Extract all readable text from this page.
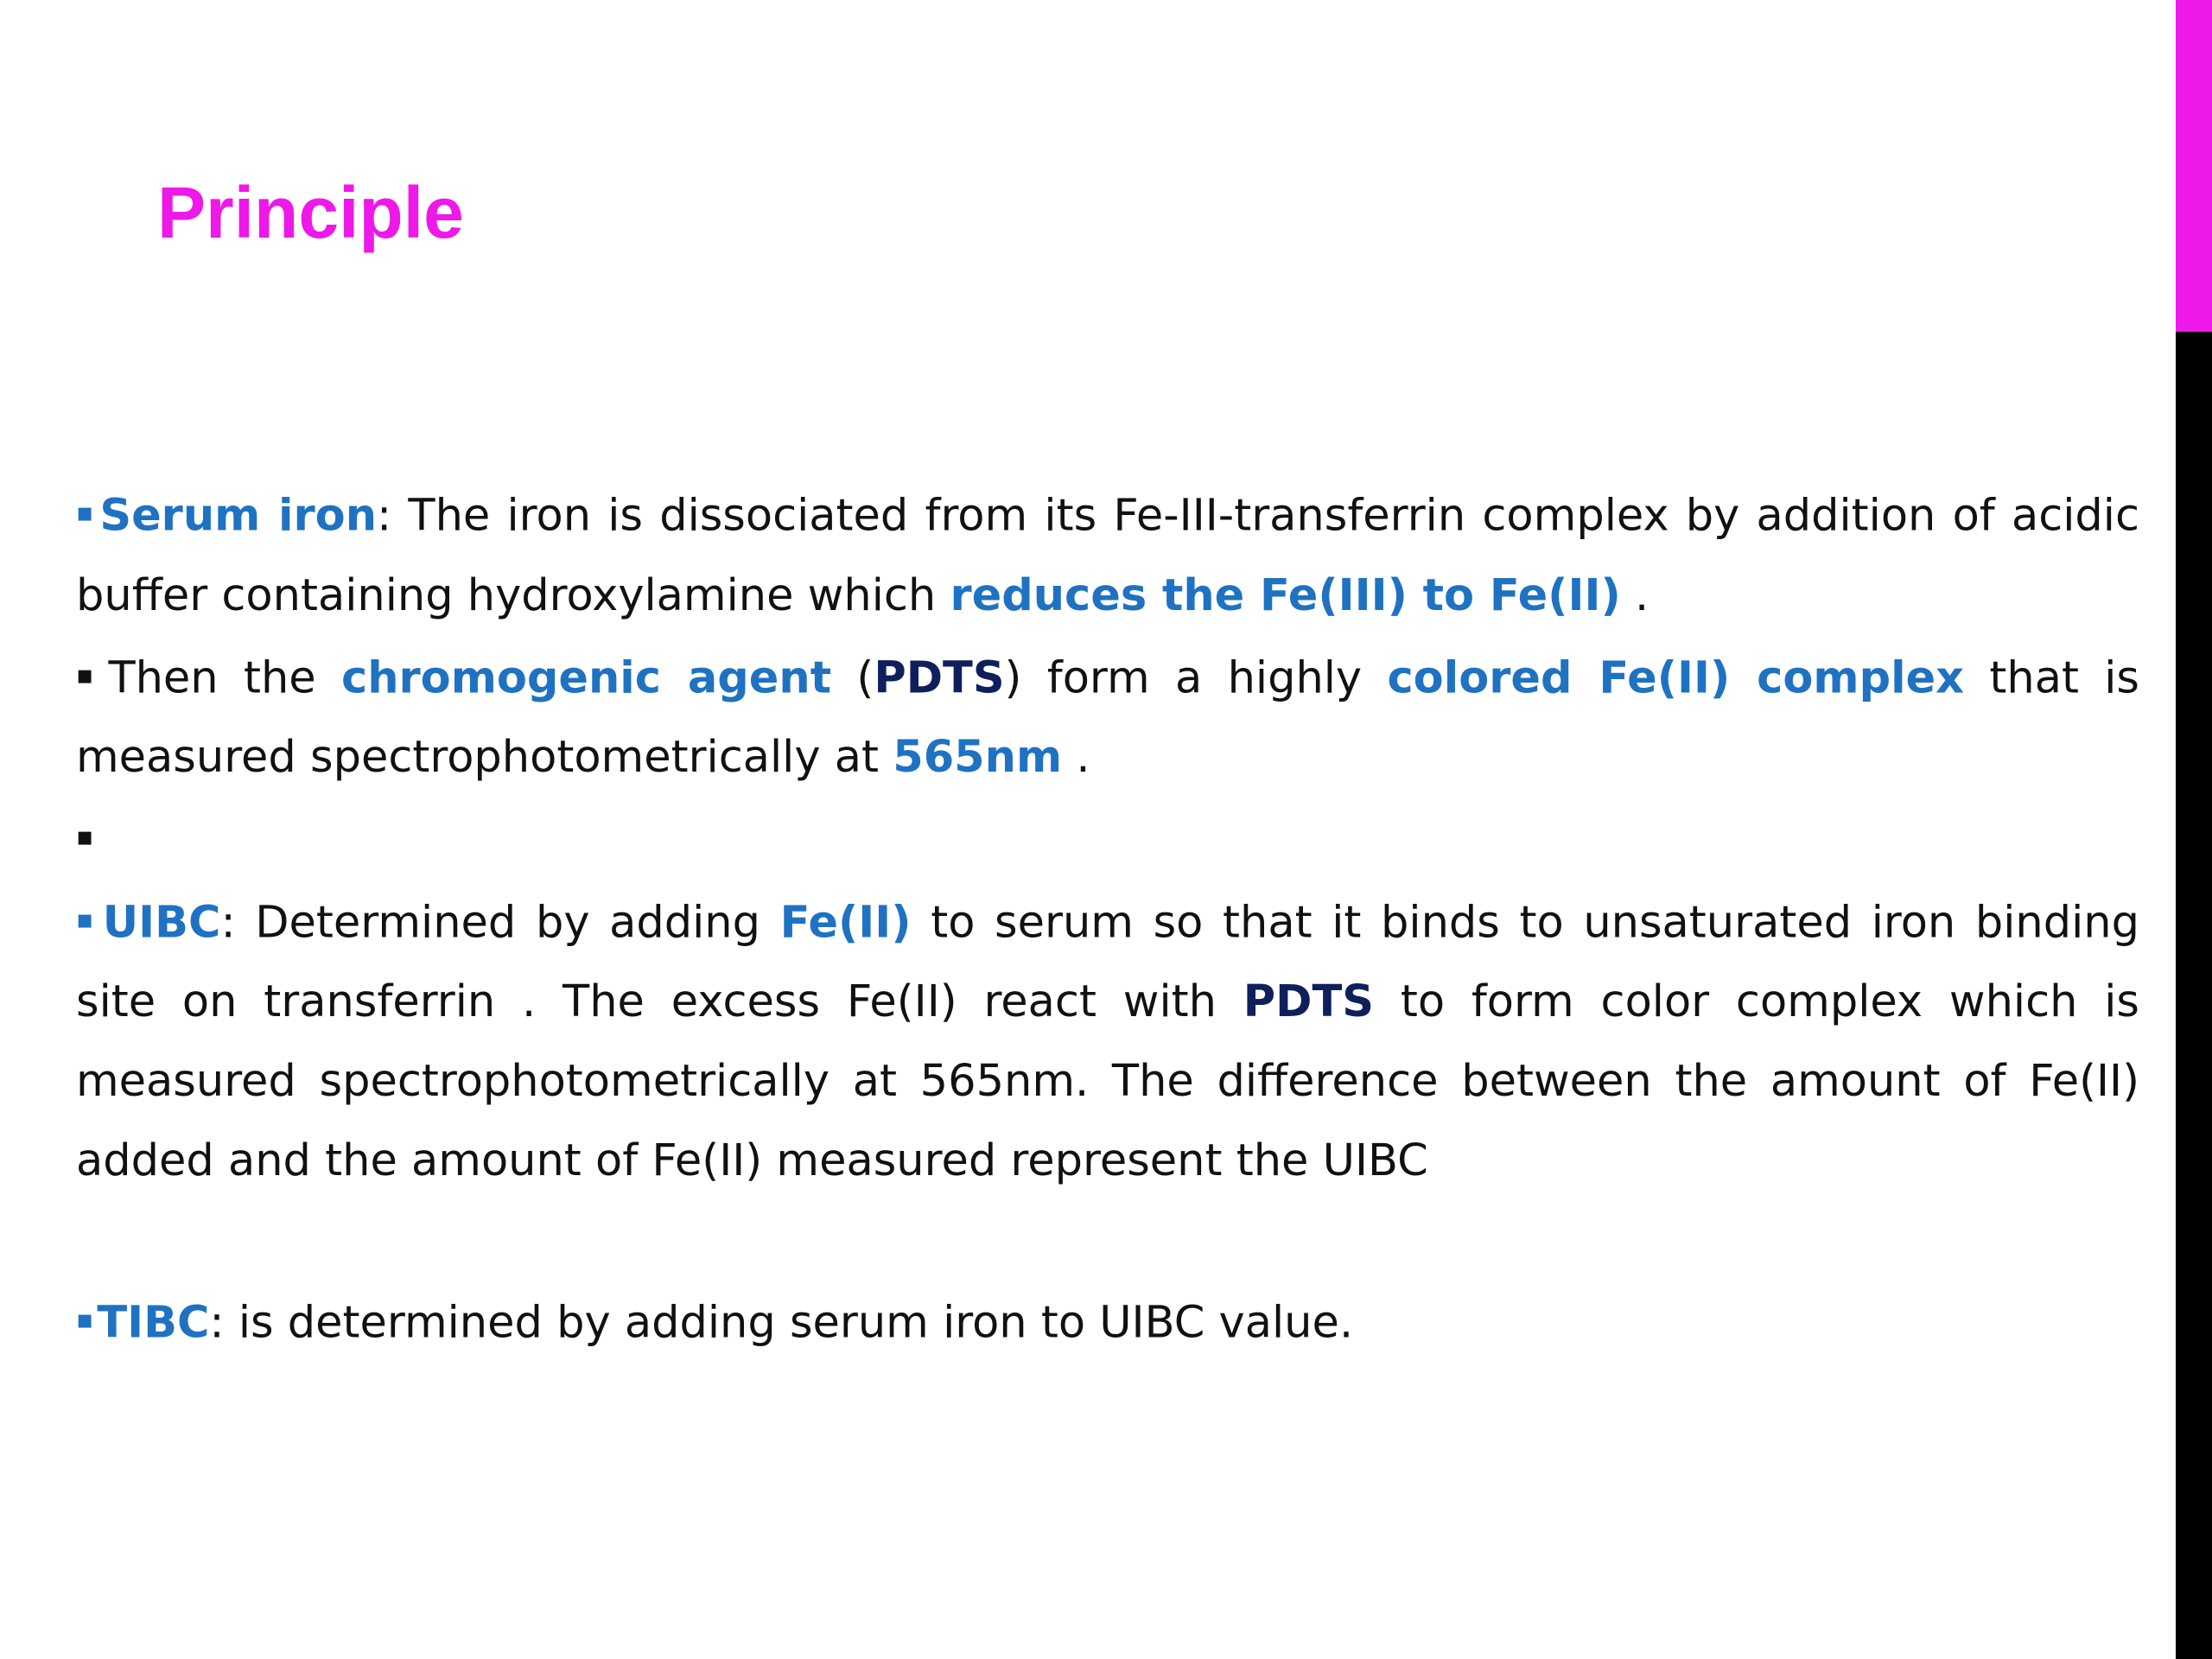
Principle

▪Serum iron: The iron is dissociated from its Fe-III-transferrin complex by addition of acidic buffer containing hydroxylamine which reduces the Fe(III) to Fe(II) .

▪Then the chromogenic agent (PDTS) form a highly colored Fe(II) complex that is measured spectrophotometrically at 565nm .

▪

▪UIBC: Determined by adding Fe(II) to serum so that it binds to unsaturated iron binding site on transferrin . The excess Fe(II) react with PDTS to form color complex which is measured spectrophotometrically at 565nm. The difference between the amount of Fe(II) added and the amount of Fe(II) measured represent the UIBC

▪TIBC: is determined by adding serum iron to UIBC value.
